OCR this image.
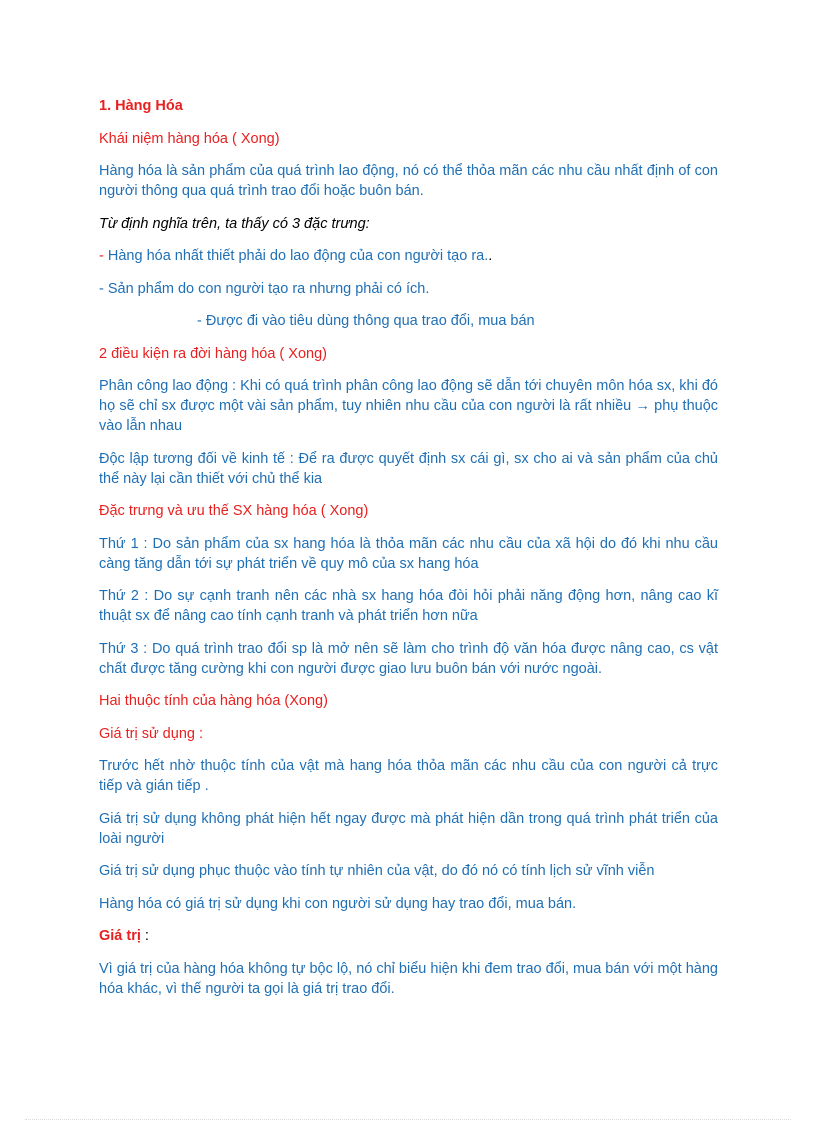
1. Hàng Hóa

Khái niệm hàng hóa ( Xong)

Hàng hóa là sản phẩm của quá trình lao động, nó có thể thỏa mãn các nhu cầu nhất định of con người thông qua quá trình trao đổi hoặc buôn bán.

Từ định nghĩa trên, ta thấy có 3 đặc trưng:

- Hàng hóa nhất thiết phải do lao động của con người tạo ra..

- Sản phẩm do con người tạo ra nhưng phải có ích.

- Được đi vào tiêu dùng thông qua trao đổi, mua bán

2 điều kiện ra đời hàng hóa ( Xong)

Phân công lao động : Khi có quá trình phân công lao động sẽ dẫn tới chuyên môn hóa sx, khi đó họ sẽ chỉ sx được một vài sản phẩm, tuy nhiên nhu cầu của con người là rất nhiều → phụ thuộc vào lẫn nhau

Độc lập tương đối về kinh tế : Để ra được quyết định sx cái gì, sx cho ai và sản phẩm của chủ thể này lại cần thiết với chủ thể kia

Đặc trưng và ưu thế SX hàng hóa ( Xong)

Thứ 1 : Do sản phẩm của sx hang hóa là thỏa mãn các nhu cầu của xã hội do đó khi nhu cầu càng tăng dẫn tới sự phát triển về quy mô của sx hang hóa

Thứ 2 : Do sự cạnh tranh nên các nhà sx hang hóa đòi hỏi phải năng động hơn, nâng cao kĩ thuật sx để nâng cao tính cạnh tranh và phát triển hơn nữa

Thứ 3 : Do quá trình trao đổi sp là mở nên sẽ làm cho trình độ văn hóa được nâng cao, cs vật chất được tăng cường khi con người được giao lưu buôn bán với nước ngoài.

Hai thuộc tính của hàng hóa (Xong)

Giá trị sử dụng :

Trước hết nhờ thuộc tính của vật mà hang hóa thỏa mãn các nhu cầu của con người cả trực tiếp và gián tiếp .

Giá trị sử dụng không phát hiện hết ngay được mà phát hiện dần trong quá trình phát triển của loài người

Giá trị sử dụng phục thuộc vào tính tự nhiên của vật, do đó nó có tính lịch sử vĩnh viễn

Hàng hóa có giá trị sử dụng khi con người sử dụng hay trao đổi, mua bán.

Giá trị :

Vì giá trị của hàng hóa không tự bộc lộ, nó chỉ biểu hiện khi đem trao đổi, mua bán với một hàng hóa khác, vì thế người ta gọi là giá trị trao đổi.
